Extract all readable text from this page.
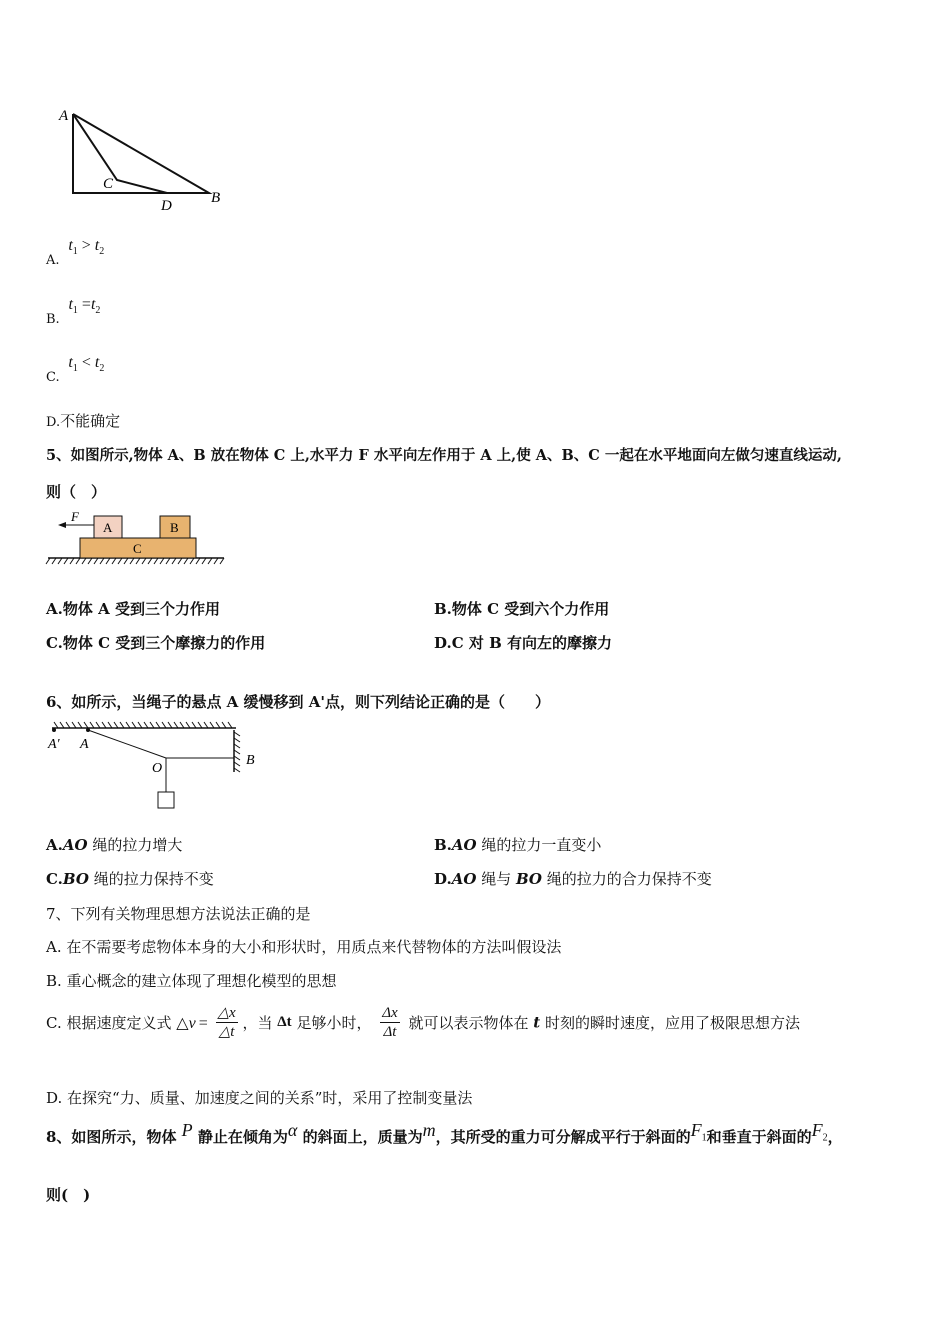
A
C
D	B
A. $t_1 > t_2$
B. $t_1 =t_2$
C. $t_1 < t_2$
D.不能确定
5、如图所示,物体 A、B 放在物体 C 上,水平力 F 水平向左作用于 A 上,使 A、B、C 一起在水平地面向左做匀速直线运动,
则（　）
F
A	B
C
A.物体 A 受到三个力作用	B.物体 C 受到六个力作用
C.物体 C 受到三个摩擦力的作用	D.C 对 B 有向左的摩擦力
6、如所示，当绳子的悬点 A 缓慢移到 A'点，则下列结论正确的是（　　）
A′ A
O
B
A.AO 绳的拉力增大	B.AO 绳的拉力一直变小
C.BO 绳的拉力保持不变	D.AO 绳与 BO 绳的拉力的合力保持不变
7、下列有关物理思想方法说法正确的是
A. 在不需要考虑物体本身的大小和形状时，用质点来代替物体的方法叫假设法
B. 重心概念的建立体现了理想化模型的思想
C. 根据速度定义式 △v = $\frac{\triangle x}{\triangle t}$ ，当 Δt 足够小时， $\frac{\Delta x}{\Delta t}$ 就可以表示物体在 t 时刻的瞬时速度，应用了极限思想方法
D. 在探究“力、质量、加速度之间的关系”时，采用了控制变量法
8、如图所示，物体 P 静止在倾角为α 的斜面上，质量为m，其所受的重力可分解成平行于斜面的$F_1$和垂直于斜面的$F_2$，
则(　)
